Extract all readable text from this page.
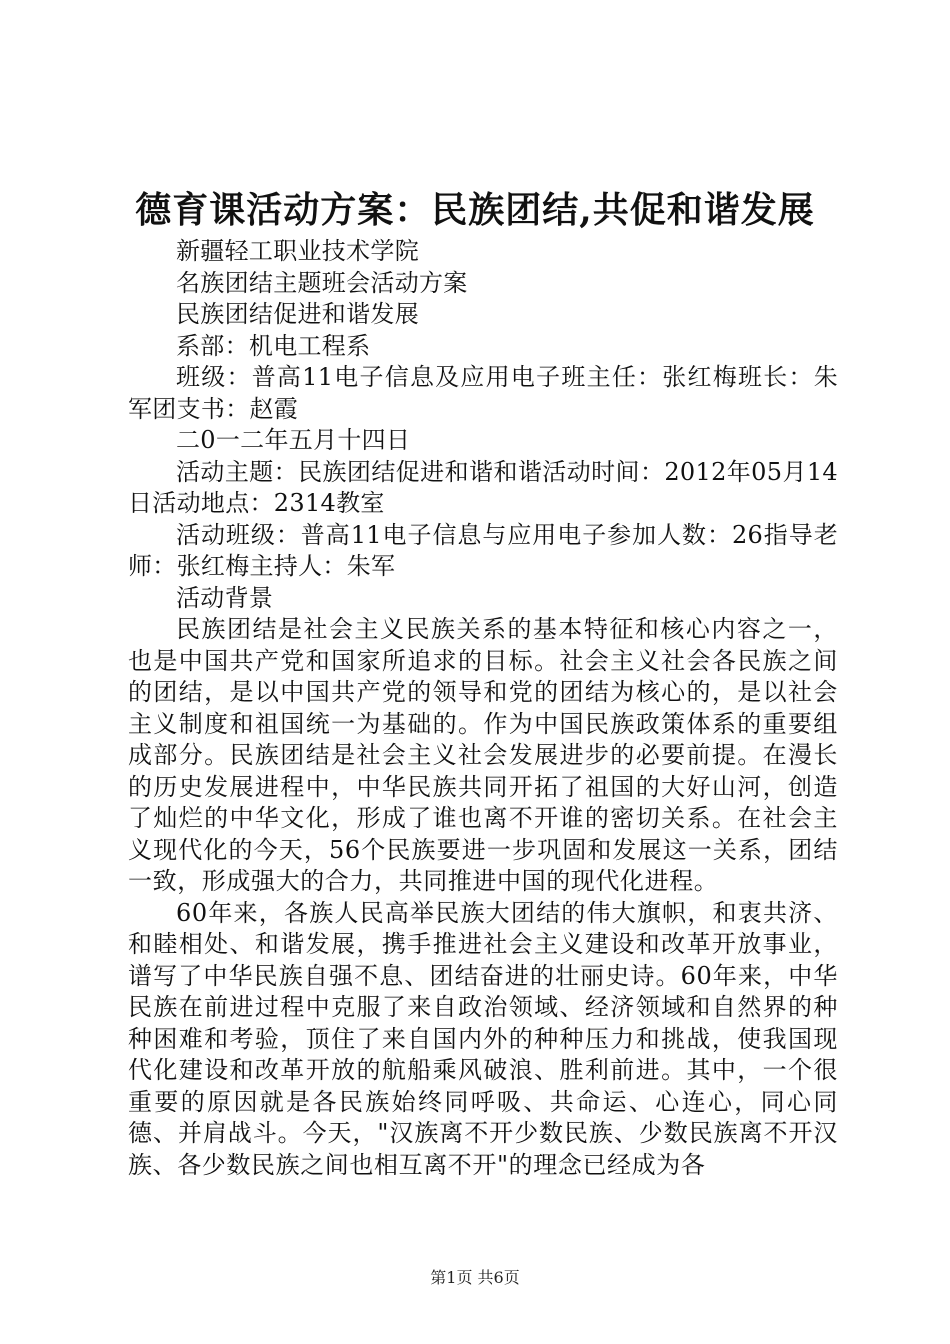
德育课活动方案：民族团结,共促和谐发展

新疆轻工职业技术学院

名族团结主题班会活动方案

民族团结促进和谐发展

系部：机电工程系

班级：普高11电子信息及应用电子班主任：张红梅班长：朱军团支书：赵霞

二0一二年五月十四日

活动主题：民族团结促进和谐和谐活动时间：2012年05月14日活动地点：2314教室

活动班级：普高11电子信息与应用电子参加人数：26指导老师：张红梅主持人：朱军

活动背景

民族团结是社会主义民族关系的基本特征和核心内容之一，也是中国共产党和国家所追求的目标。社会主义社会各民族之间的团结，是以中国共产党的领导和党的团结为核心的，是以社会主义制度和祖国统一为基础的。作为中国民族政策体系的重要组成部分。民族团结是社会主义社会发展进步的必要前提。在漫长的历史发展进程中，中华民族共同开拓了祖国的大好山河，创造了灿烂的中华文化，形成了谁也离不开谁的密切关系。在社会主义现代化的今天，56个民族要进一步巩固和发展这一关系，团结一致，形成强大的合力，共同推进中国的现代化进程。

60年来，各族人民高举民族大团结的伟大旗帜，和衷共济、和睦相处、和谐发展，携手推进社会主义建设和改革开放事业，谱写了中华民族自强不息、团结奋进的壮丽史诗。60年来，中华民族在前进过程中克服了来自政治领域、经济领域和自然界的种种困难和考验，顶住了来自国内外的种种压力和挑战，使我国现代化建设和改革开放的航船乘风破浪、胜利前进。其中，一个很重要的原因就是各民族始终同呼吸、共命运、心连心，同心同德、并肩战斗。今天，"汉族离不开少数民族、少数民族离不开汉族、各少数民族之间也相互离不开"的理念已经成为各

第1页 共6页
